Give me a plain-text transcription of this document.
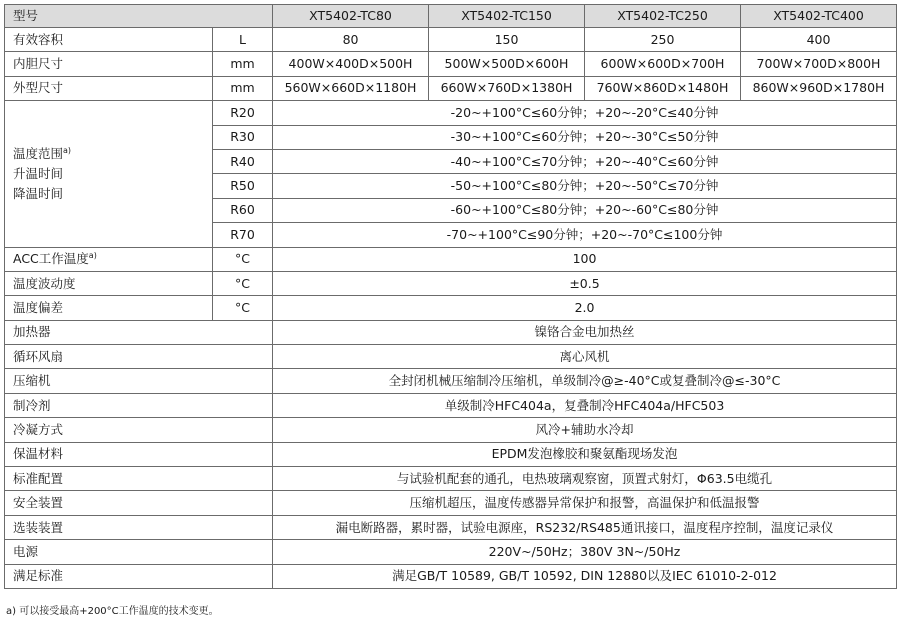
型号		XT5402-TC80	XT5402-TC150	XT5402-TC250	XT5402-TC400
有效容积	L	80	150	250	400
内胆尺寸	mm	400W×400D×500H	500W×500D×600H	600W×600D×700H	700W×700D×800H
外型尺寸	mm	560W×660D×1180H	660W×760D×1380H	760W×860D×1480H	860W×960D×1780H

温度范围$^{a)}$
升温时间
降温时间	R20	-20~+100°C≤60分钟；+20~-20°C≤40分钟			
	R30	-30~+100°C≤60分钟；+20~-30°C≤50分钟			
	R40	-40~+100°C≤70分钟；+20~-40°C≤60分钟			
	R50	-50~+100°C≤80分钟；+20~-50°C≤70分钟			
	R60	-60~+100°C≤80分钟；+20~-60°C≤80分钟			
	R70	-70~+100°C≤90分钟；+20~-70°C≤100分钟			
ACC工作温度$^{a)}$	°C	100			
温度波动度	°C	±0.5			
温度偏差	°C	2.0			
加热器		镍铬合金电加热丝			
循环风扇		离心风机			
压缩机		全封闭机械压缩制冷压缩机，单级制冷@≥-40°C或复叠制冷@≤-30°C			
制冷剂		单级制冷HFC404a，复叠制冷HFC404a/HFC503			
冷凝方式		风冷+辅助水冷却			
保温材料		EPDM发泡橡胶和聚氨酯现场发泡			
标准配置		与试验机配套的通孔，电热玻璃观察窗，顶置式射灯，Φ63.5电缆孔			
安全装置		压缩机超压，温度传感器异常保护和报警，高温保护和低温报警			
选装装置		漏电断路器，累时器，试验电源座，RS232/RS485通讯接口，温度程序控制，温度记录仪			
电源		220V~/50Hz；380V 3N~/50Hz			
满足标准		满足GB/T 10589, GB/T 10592, DIN 12880以及IEC 61010-2-012			
a) 可以接受最高+200°C工作温度的技术变更。
